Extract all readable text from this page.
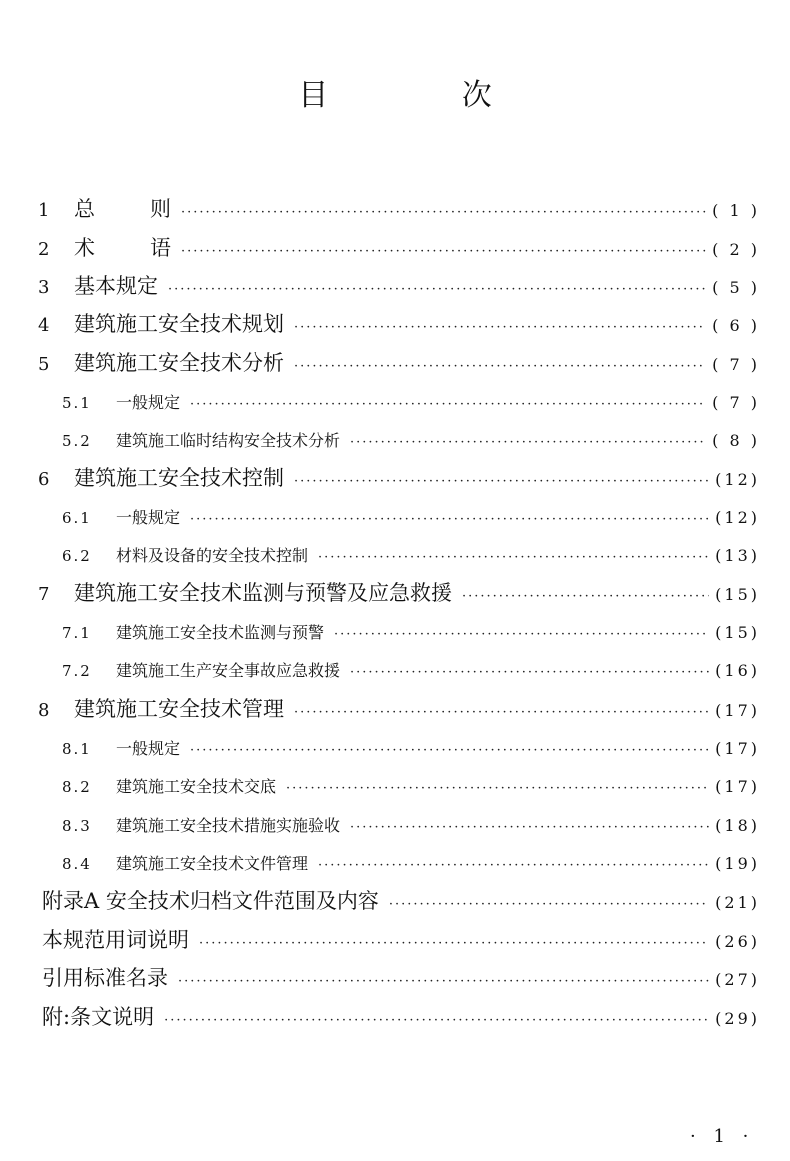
目 次
1	总	则 ·····	( 1 )
2	术	语 ·····	( 2 )
3	基本规定 ·····	( 5 )
4	建筑施工安全技术规划 ·····	( 6 )
5	建筑施工安全技术分析 ·····	( 7 )
5.1	一般规定 ·····	( 7 )
5.2	建筑施工临时结构安全技术分析 ·····	( 8 )
6	建筑施工安全技术控制 ·····	(12)
6.1	一般规定 ·····	(12)
6.2	材料及设备的安全技术控制 ·····	(13)
7	建筑施工安全技术监测与预警及应急救援 ·····	(15)
7.1	建筑施工安全技术监测与预警 ·····	(15)
7.2	建筑施工生产安全事故应急救援 ·····	(16)
8	建筑施工安全技术管理 ·····	(17)
8.1	一般规定 ·····	(17)
8.2	建筑施工安全技术交底 ·····	(17)
8.3	建筑施工安全技术措施实施验收 ·····	(18)
8.4	建筑施工安全技术文件管理 ·····	(19)
附录A 安全技术归档文件范围及内容 ·····	(21)
本规范用词说明 ·····	(26)
引用标准名录 ·····	(27)
附:条文说明 ·····	(29)
· 1 ·
